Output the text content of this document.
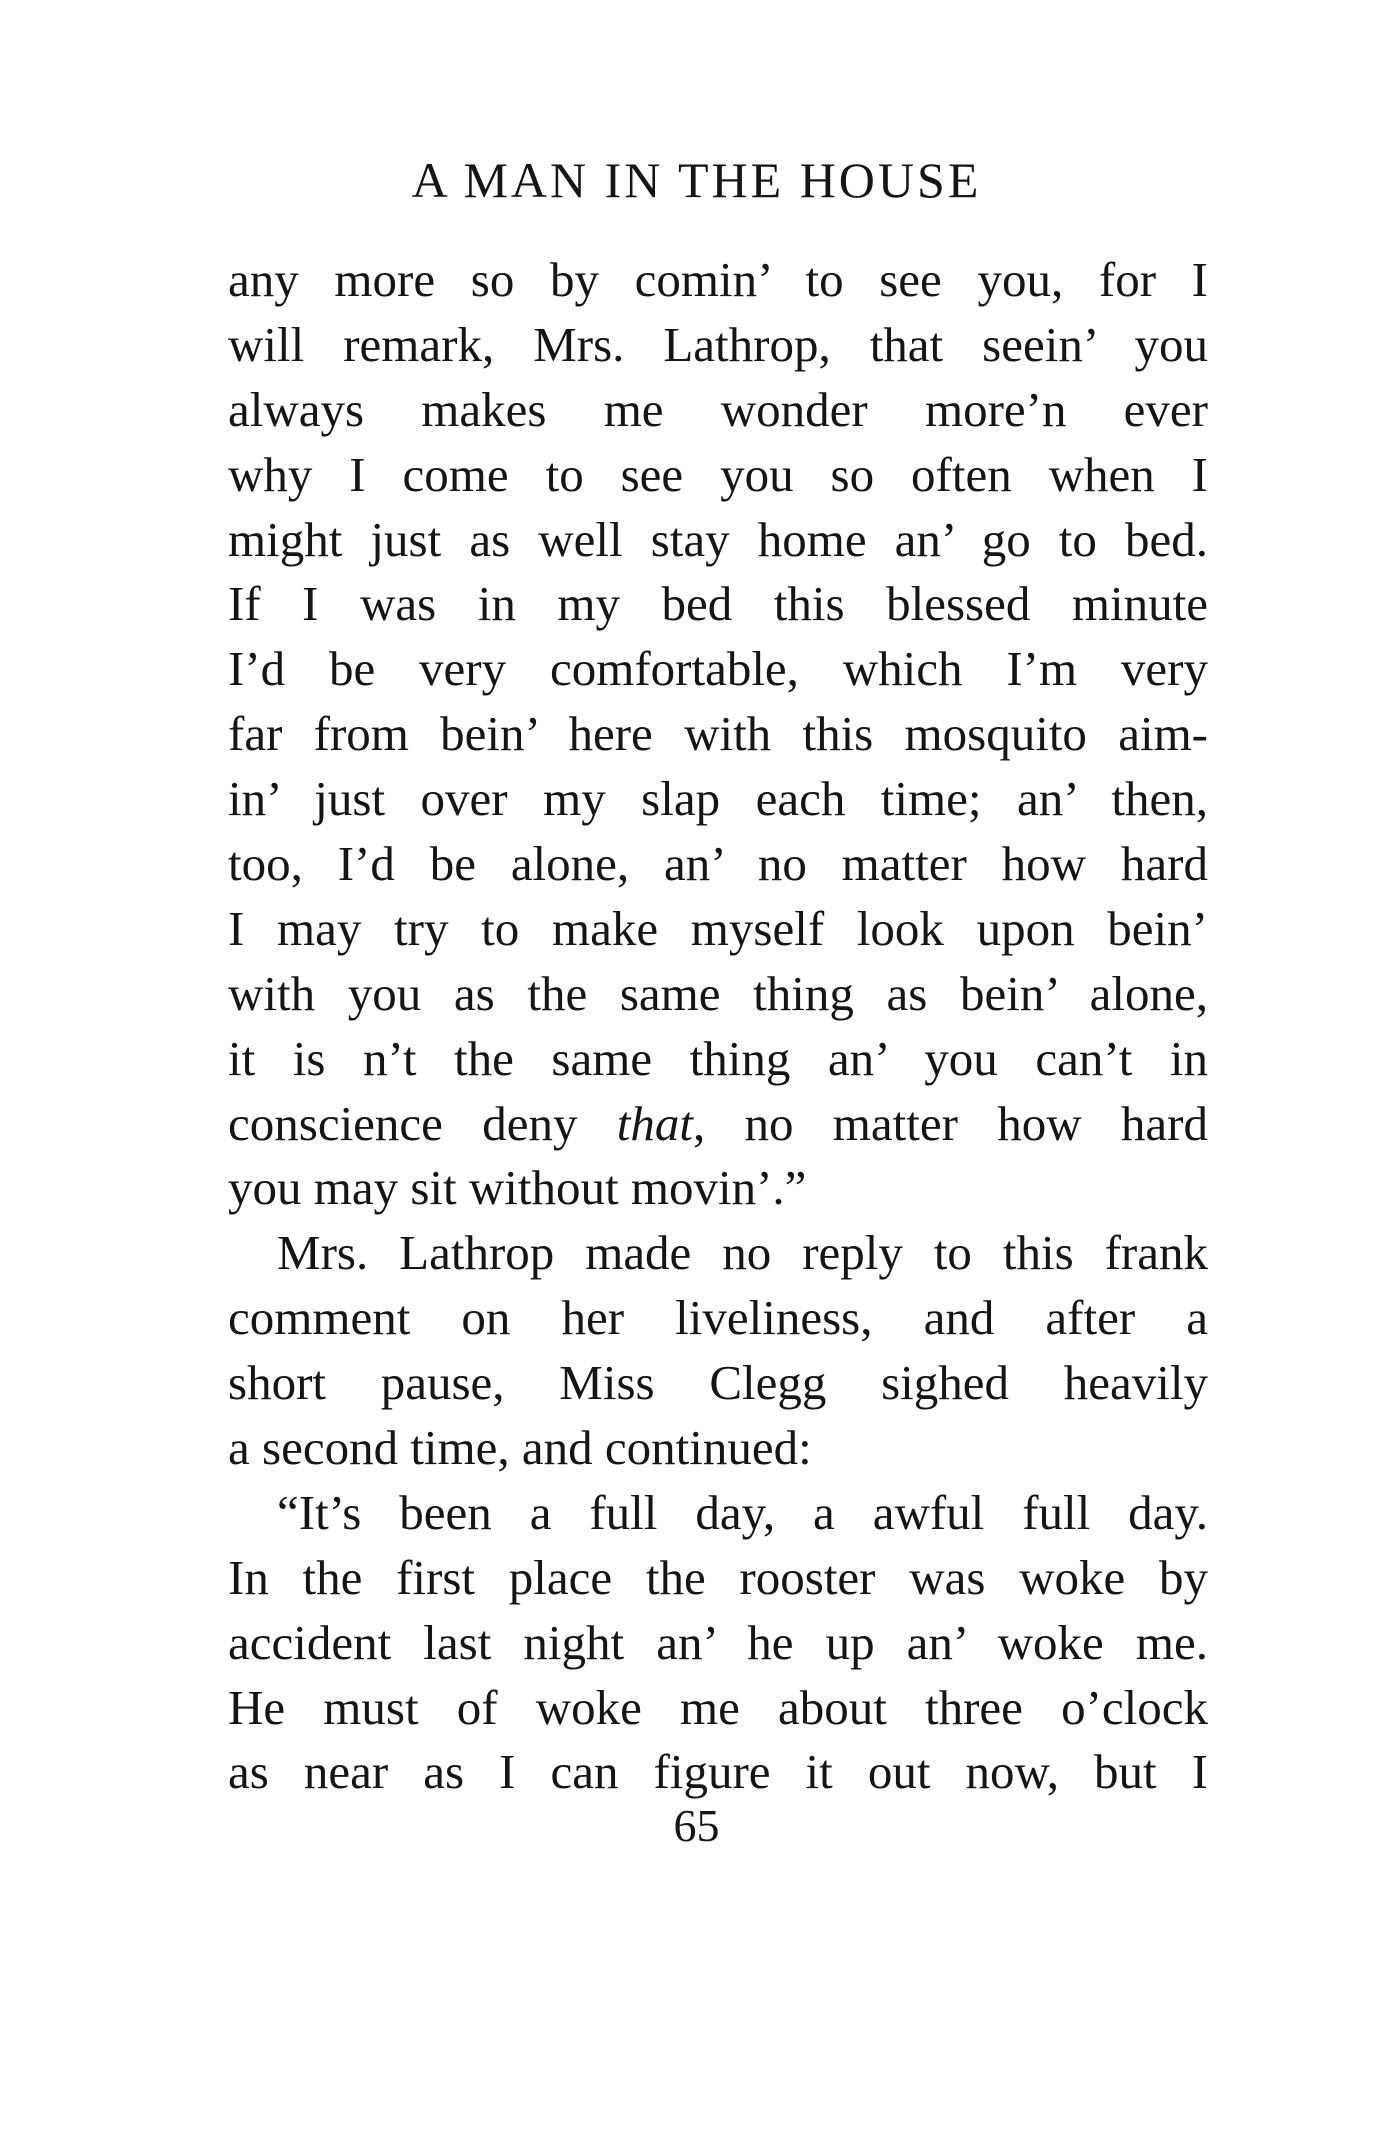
A MAN IN THE HOUSE
any more so by comin’ to see you, for I
will remark, Mrs. Lathrop, that seein’ you
always makes me wonder more’n ever
why I come to see you so often when I
might just as well stay home an’ go to bed.
If I was in my bed this blessed minute
I’d be very comfortable, which I’m very
far from bein’ here with this mosquito aim-
in’ just over my slap each time; an’ then,
too, I’d be alone, an’ no matter how hard
I may try to make myself look upon bein’
with you as the same thing as bein’ alone,
it is n’t the same thing an’ you can’t in
conscience deny that, no matter how hard
you may sit without movin’.”
Mrs. Lathrop made no reply to this frank
comment on her liveliness, and after a
short pause, Miss Clegg sighed heavily
a second time, and continued:
“It’s been a full day, a awful full day.
In the first place the rooster was woke by
accident last night an’ he up an’ woke me.
He must of woke me about three o’clock
as near as I can figure it out now, but I
65
